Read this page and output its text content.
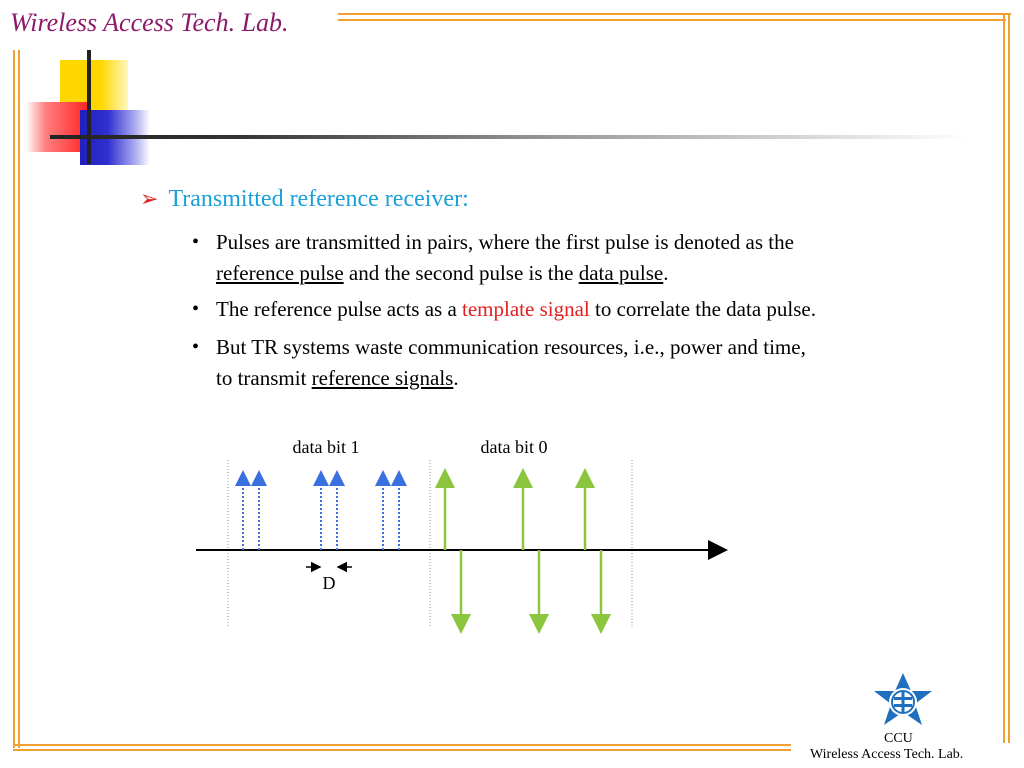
Wireless Access Tech. Lab.
➢ Transmitted reference receiver:
• Pulses are transmitted in pairs, where the first pulse is denoted as the
reference pulse and the second pulse is the data pulse.
• The reference pulse acts as a template signal to correlate the data pulse.
• But TR systems waste communication resources, i.e., power and time,
to transmit reference signals.
data bit 1	data bit 0
D
CCU
Wireless Access Tech. Lab.
